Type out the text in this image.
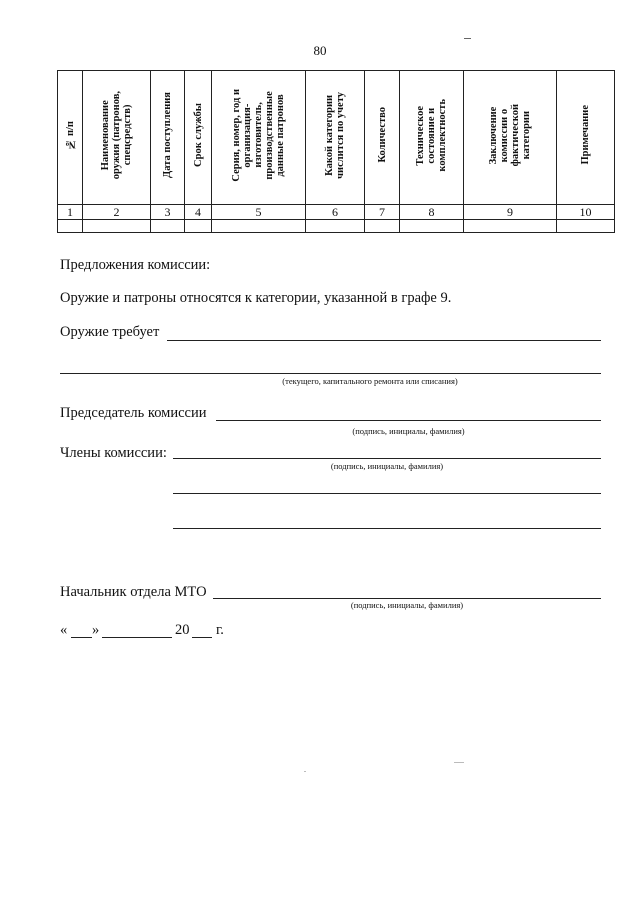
80
№ п/п	Наименование
оружия (патронов,
спецсредств)	Дата поступления	Срок службы	Серия, номер, год и
организация-
изготовитель,
производственные
данные патронов	Какой категории
числится по учету	Количество	Техническое
состояние и
комплектность	Заключение
комиссии о
фактической
категории	Примечание
1	2	3	4	5	6	7	8	9	10

Предложения комиссии:
Оружие и патроны относятся к категории, указанной в графе 9.
Оружие требует
(текущего, капитального ремонта или списания)
Председатель комиссии
(подпись, инициалы, фамилия)
Члены комиссии:
(подпись, инициалы, фамилия)
Начальник отдела МТО
(подпись, инициалы, фамилия)
« »	20 г.
